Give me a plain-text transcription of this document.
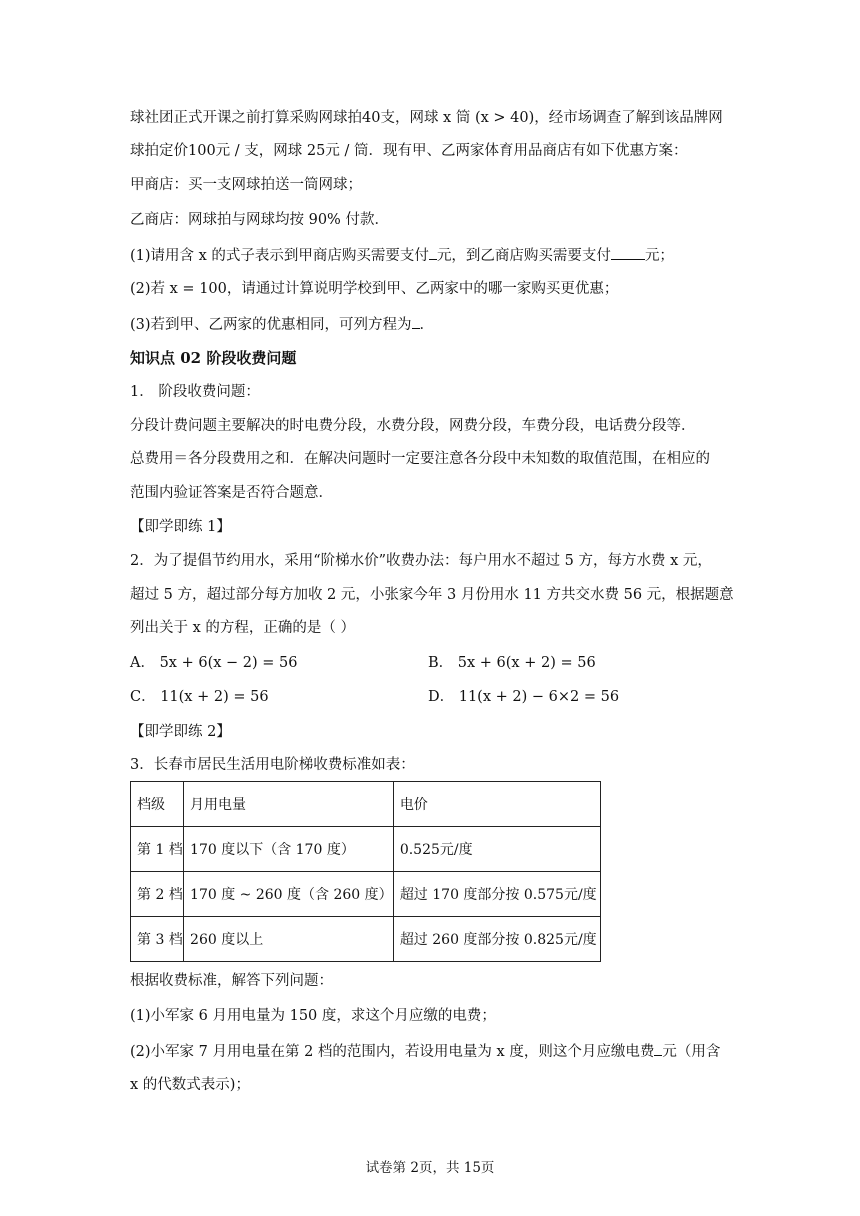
球社团正式开课之前打算采购网球拍40支，网球 x 筒 (x > 40)，经市场调查了解到该品牌网
球拍定价100元 / 支，网球 25元 / 筒．现有甲、乙两家体育用品商店有如下优惠方案：
甲商店：买一支网球拍送一筒网球；
乙商店：网球拍与网球均按 90% 付款．
(1)请用含 x 的式子表示到甲商店购买需要支付 元，到乙商店购买需要支付 元；
(2)若 x = 100，请通过计算说明学校到甲、乙两家中的哪一家购买更优惠；
(3)若到甲、乙两家的优惠相同，可列方程为 ．
知识点 02 阶段收费问题
1． 阶段收费问题：
分段计费问题主要解决的时电费分段，水费分段，网费分段，车费分段，电话费分段等．
总费用＝各分段费用之和．在解决问题时一定要注意各分段中未知数的取值范围，在相应的
范围内验证答案是否符合题意．
【即学即练 1】
2．为了提倡节约用水，采用“阶梯水价”收费办法：每户用水不超过 5 方，每方水费 x 元，
超过 5 方，超过部分每方加收 2 元，小张家今年 3 月份用水 11 方共交水费 56 元，根据题意
列出关于 x 的方程，正确的是（ ）
A． 5x + 6(x − 2) = 56	B． 5x + 6(x + 2) = 56
C． 11(x + 2) = 56	D． 11(x + 2) − 6×2 = 56
【即学即练 2】
3．长春市居民生活用电阶梯收费标准如表：
档级	月用电量	电价
第 1 档	170 度以下（含 170 度）	0.525元/度
第 2 档	170 度 ~ 260 度（含 260 度）	超过 170 度部分按 0.575元/度
第 3 档	260 度以上	超过 260 度部分按 0.825元/度
根据收费标准，解答下列问题：
(1)小军家 6 月用电量为 150 度，求这个月应缴的电费；
(2)小军家 7 月用电量在第 2 档的范围内，若设用电量为 x 度，则这个月应缴电费 元（用含
x 的代数式表示)；
试卷第 2页，共 15页
